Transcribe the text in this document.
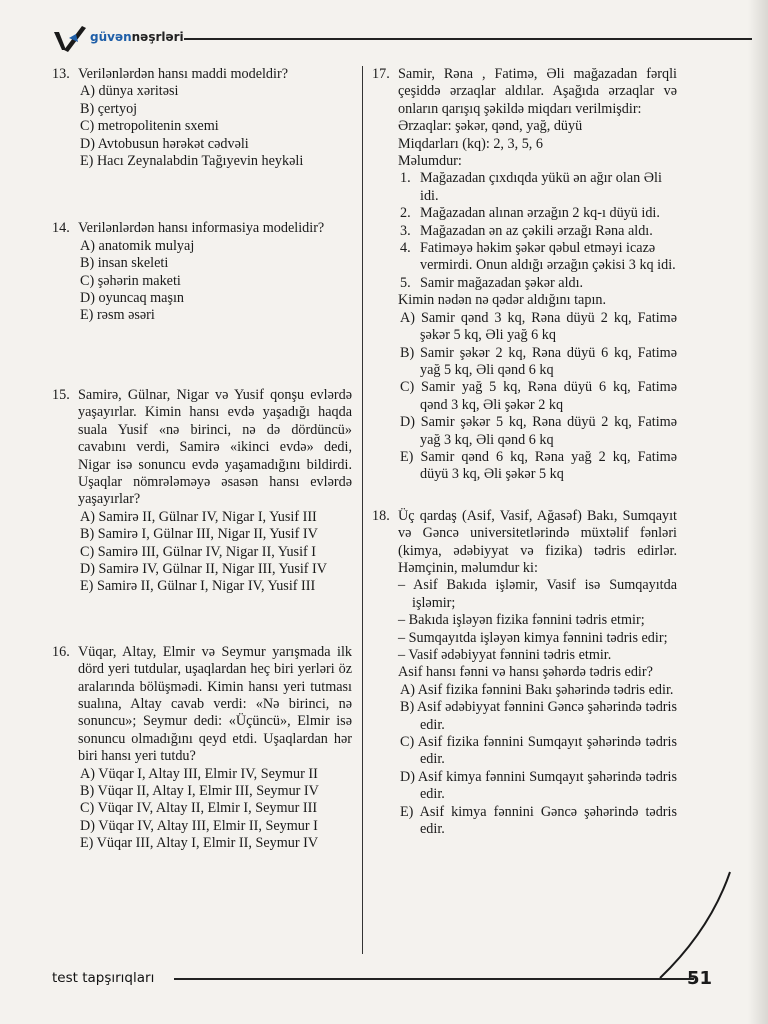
güvənnəşrləri
13. Verilənlərdən hansı maddi modeldir?
A) dünya xəritəsi
B) çertyoj
C) metropolitenin sxemi
D) Avtobusun hərəkət cədvəli
E) Hacı Zeynalabdin Tağıyevin heykəli
14. Verilənlərdən hansı informasiya modelidir?
A) anatomik mulyaj
B) insan skeleti
C) şəhərin maketi
D) oyuncaq maşın
E) rəsm əsəri
15. Samirə, Gülnar, Nigar və Yusif qonşu evlərdə yaşayırlar. Kimin hansı evdə yaşadığı haqda suala Yusif «nə birinci, nə də dördüncü» cavabını verdi, Samirə «ikinci evdə» dedi, Nigar isə sonuncu evdə yaşamadığını bildirdi. Uşaqlar nömrələməyə əsasən hansı evlərdə yaşayırlar?
A) Samirə II, Gülnar IV, Nigar I, Yusif III
B) Samirə I, Gülnar III, Nigar II, Yusif IV
C) Samirə III, Gülnar IV, Nigar II, Yusif I
D) Samirə IV, Gülnar II, Nigar III, Yusif IV
E) Samirə II, Gülnar I, Nigar IV, Yusif III
16. Vüqar, Altay, Elmir və Seymur yarışmada ilk dörd yeri tutdular, uşaqlardan heç biri yerləri öz aralarında bölüşmədi. Kimin hansı yeri tutması sualına, Altay cavab verdi: «Nə birinci, nə sonuncu»; Seymur dedi: «Üçüncü», Elmir isə sonuncu olmadığını qeyd etdi. Uşaqlardan hər biri hansı yeri tutdu?
A) Vüqar I, Altay III, Elmir IV, Seymur II
B) Vüqar II, Altay I, Elmir III, Seymur IV
C) Vüqar IV, Altay II, Elmir I, Seymur III
D) Vüqar IV, Altay III, Elmir II, Seymur I
E) Vüqar III, Altay I, Elmir II, Seymur IV
17. Samir, Rəna , Fatimə, Əli mağazadan fərqli çeşiddə ərzaqlar aldılar. Aşağıda ərzaqlar və onların qarışıq şəkildə miqdarı verilmişdir:
Ərzaqlar: şəkər, qənd, yağ, düyü
Miqdarları (kq): 2, 3, 5, 6
Məlumdur:
1. Mağazadan çıxdıqda yükü ən ağır olan Əli idi.
2. Mağazadan alınan ərzağın 2 kq-ı düyü idi.
3. Mağazadan ən az çəkili ərzağı Rəna aldı.
4. Fatiməyə həkim şəkər qəbul etməyi icazə vermirdi. Onun aldığı ərzağın çəkisi 3 kq idi.
5. Samir mağazadan şəkər aldı.
Kimin nədən nə qədər aldığını tapın.
A) Samir qənd 3 kq, Rəna düyü 2 kq, Fatimə şəkər 5 kq, Əli yağ 6 kq
B) Samir şəkər 2 kq, Rəna düyü 6 kq, Fatimə yağ 5 kq, Əli qənd 6 kq
C) Samir yağ 5 kq, Rəna düyü 6 kq, Fatimə qənd 3 kq, Əli şəkər 2 kq
D) Samir şəkər 5 kq, Rəna düyü 2 kq, Fatimə yağ 3 kq, Əli qənd 6 kq
E) Samir qənd 6 kq, Rəna yağ 2 kq, Fatimə düyü 3 kq, Əli şəkər 5 kq
18. Üç qardaş (Asif, Vasif, Ağasəf) Bakı, Sumqayıt və Gəncə universitetlərində müxtəlif fənləri (kimya, ədəbiyyat və fizika) tədris edirlər. Həmçinin, məlumdur ki:
– Asif Bakıda işləmir, Vasif isə Sumqayıtda işləmir;
– Bakıda işləyən fizika fənnini tədris etmir;
– Sumqayıtda işləyən kimya fənnini tədris edir;
– Vasif ədəbiyyat fənnini tədris etmir.
Asif hansı fənni və hansı şəhərdə tədris edir?
A) Asif fizika fənnini Bakı şəhərində tədris edir.
B) Asif ədəbiyyat fənnini Gəncə şəhərində tədris edir.
C) Asif fizika fənnini Sumqayıt şəhərində tədris edir.
D) Asif kimya fənnini Sumqayıt şəhərində tədris edir.
E) Asif kimya fənnini Gəncə şəhərində tədris edir.
test tapşırıqları	51
